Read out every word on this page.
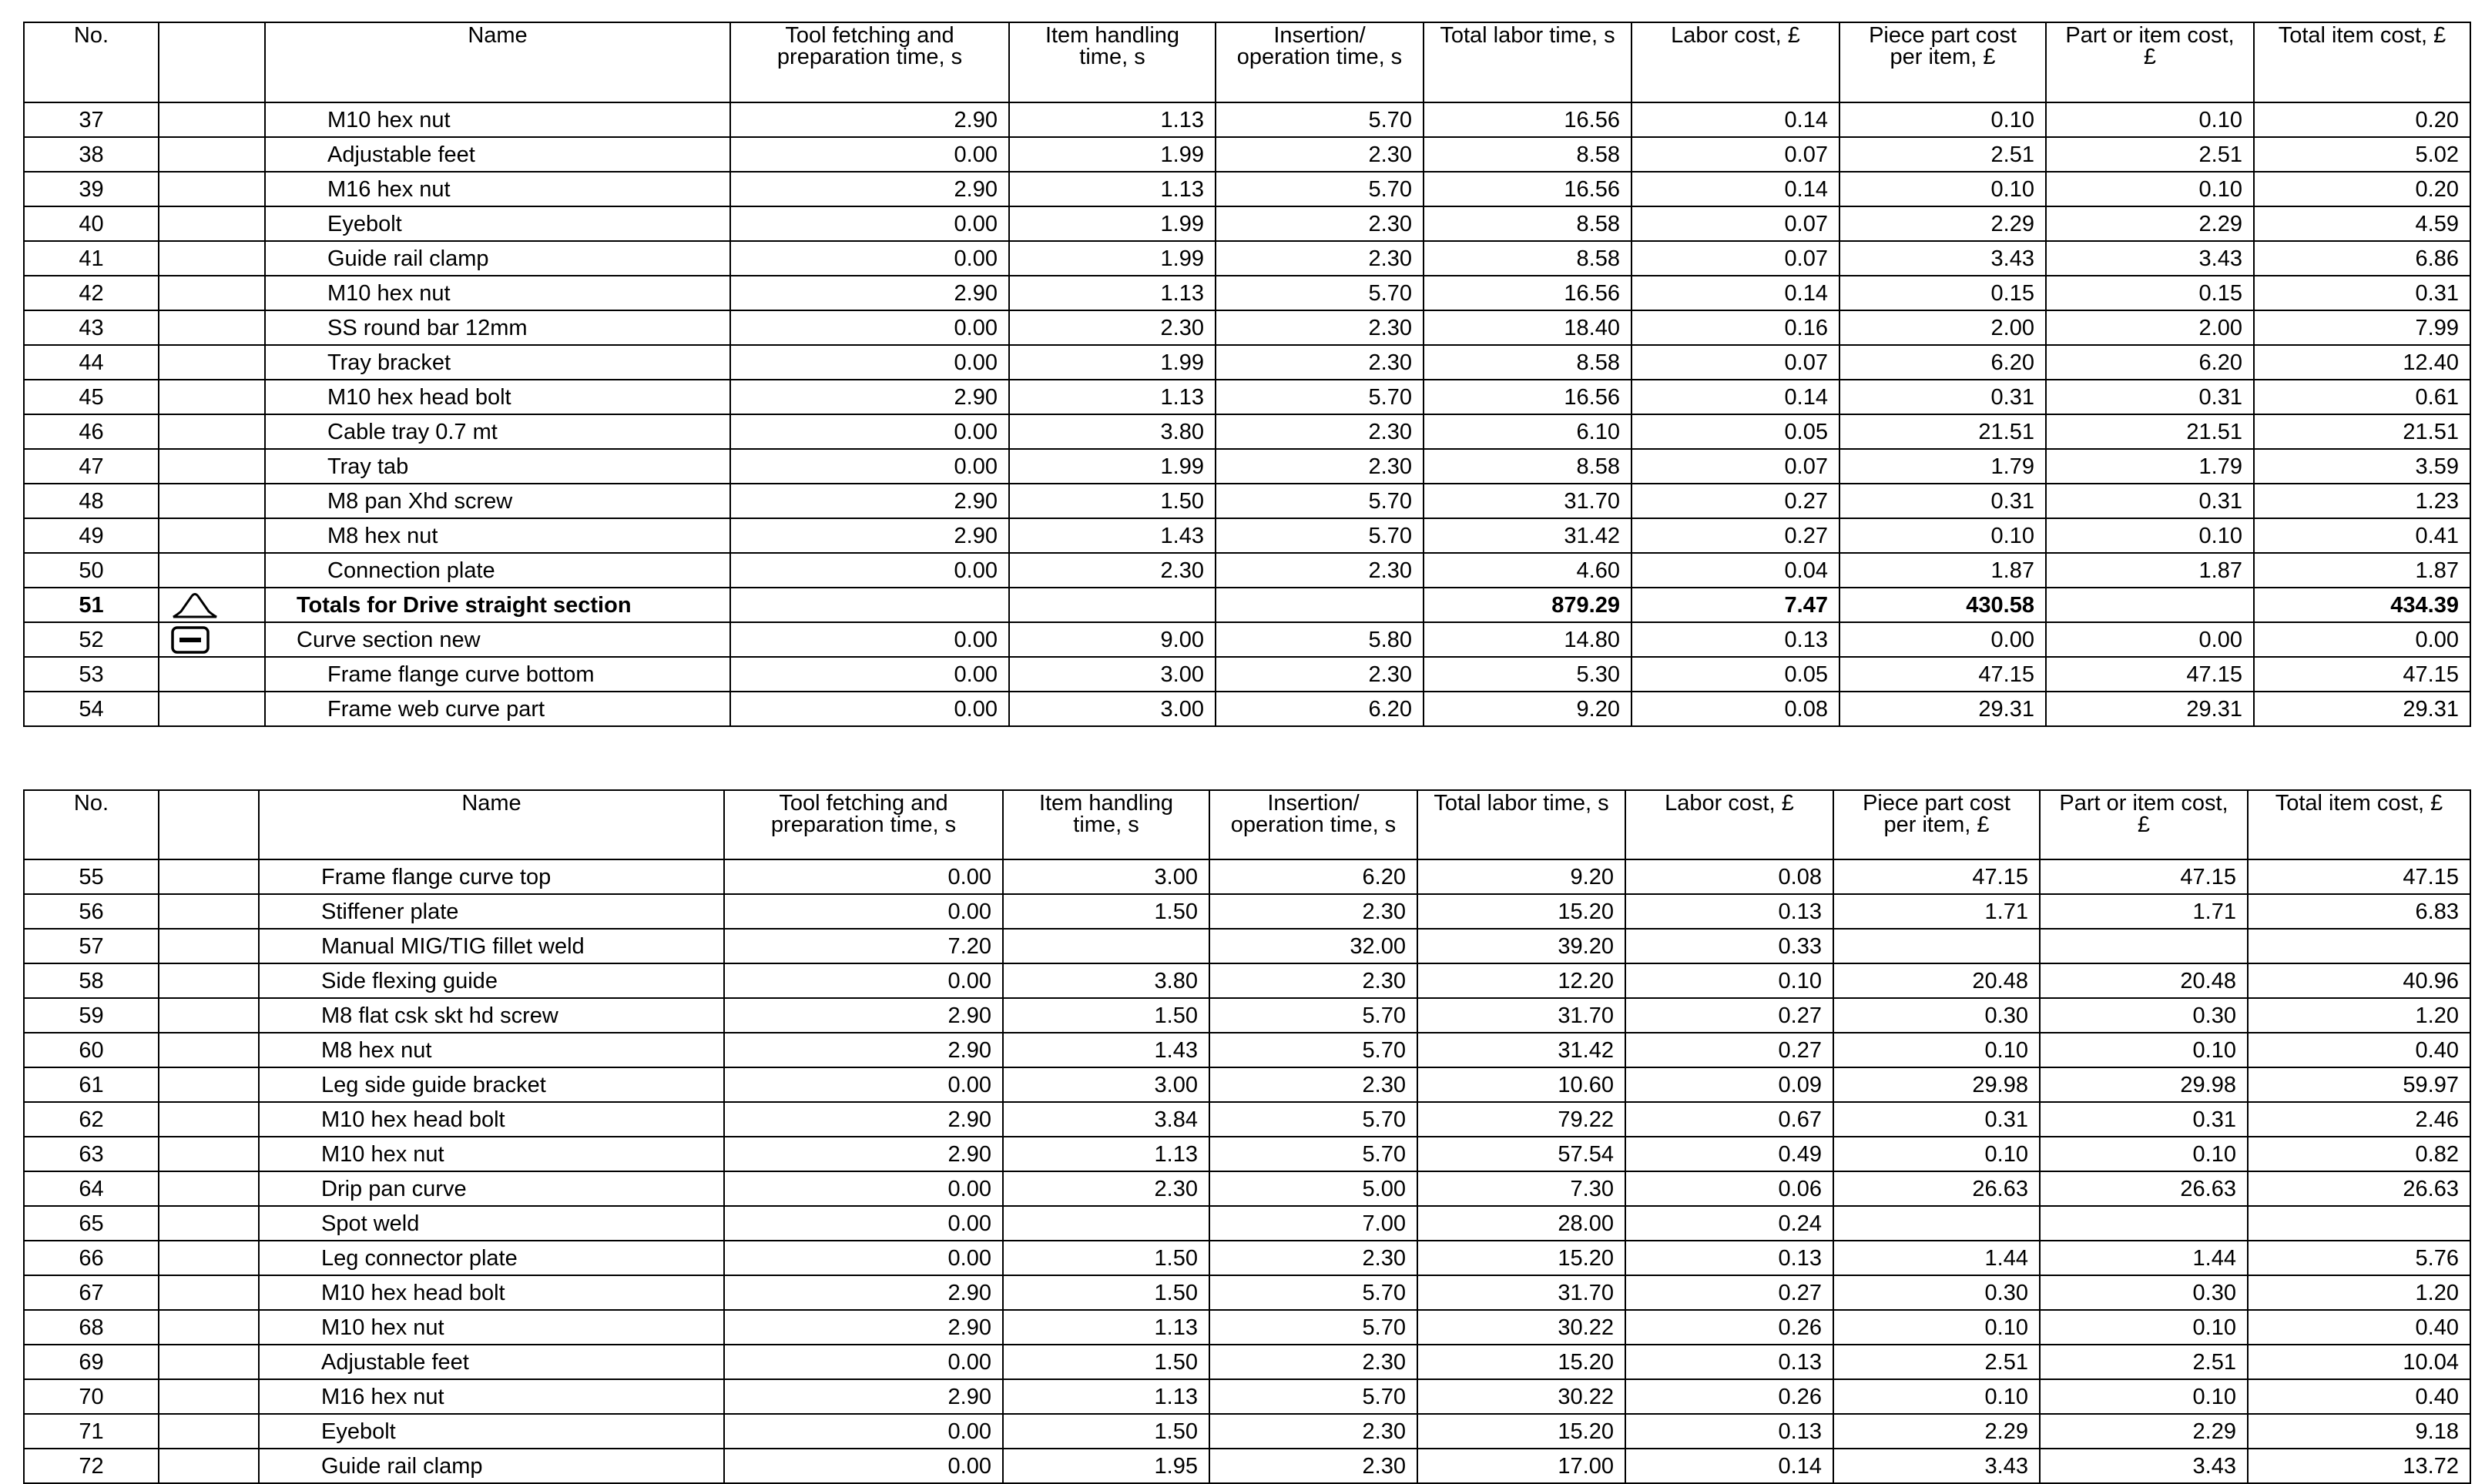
No.		Name	Tool fetching and preparation time, s	Item handling time, s	Insertion/ operation time, s	Total labor time, s	Labor cost, £	Piece part cost per item, £	Part or item cost, £	Total item cost, £
37		M10 hex nut	2.90	1.13	5.70	16.56	0.14	0.10	0.10	0.20
38		Adjustable feet	0.00	1.99	2.30	8.58	0.07	2.51	2.51	5.02
39		M16 hex nut	2.90	1.13	5.70	16.56	0.14	0.10	0.10	0.20
40		Eyebolt	0.00	1.99	2.30	8.58	0.07	2.29	2.29	4.59
41		Guide rail clamp	0.00	1.99	2.30	8.58	0.07	3.43	3.43	6.86
42		M10 hex nut	2.90	1.13	5.70	16.56	0.14	0.15	0.15	0.31
43		SS round bar 12mm	0.00	2.30	2.30	18.40	0.16	2.00	2.00	7.99
44		Tray bracket	0.00	1.99	2.30	8.58	0.07	6.20	6.20	12.40
45		M10 hex head bolt	2.90	1.13	5.70	16.56	0.14	0.31	0.31	0.61
46		Cable tray 0.7 mt	0.00	3.80	2.30	6.10	0.05	21.51	21.51	21.51
47		Tray tab	0.00	1.99	2.30	8.58	0.07	1.79	1.79	3.59
48		M8 pan Xhd screw	2.90	1.50	5.70	31.70	0.27	0.31	0.31	1.23
49		M8 hex nut	2.90	1.43	5.70	31.42	0.27	0.10	0.10	0.41
50		Connection plate	0.00	2.30	2.30	4.60	0.04	1.87	1.87	1.87
51		Totals for Drive straight section				879.29	7.47	430.58		434.39
52		Curve section new	0.00	9.00	5.80	14.80	0.13	0.00	0.00	0.00
53		Frame flange curve bottom	0.00	3.00	2.30	5.30	0.05	47.15	47.15	47.15
54		Frame web curve part	0.00	3.00	6.20	9.20	0.08	29.31	29.31	29.31
No.		Name	Tool fetching and preparation time, s	Item handling time, s	Insertion/ operation time, s	Total labor time, s	Labor cost, £	Piece part cost per item, £	Part or item cost, £	Total item cost, £
55		Frame flange curve top	0.00	3.00	6.20	9.20	0.08	47.15	47.15	47.15
56		Stiffener plate	0.00	1.50	2.30	15.20	0.13	1.71	1.71	6.83
57		Manual MIG/TIG fillet weld	7.20		32.00	39.20	0.33			
58		Side flexing guide	0.00	3.80	2.30	12.20	0.10	20.48	20.48	40.96
59		M8 flat csk skt hd screw	2.90	1.50	5.70	31.70	0.27	0.30	0.30	1.20
60		M8 hex nut	2.90	1.43	5.70	31.42	0.27	0.10	0.10	0.40
61		Leg side guide bracket	0.00	3.00	2.30	10.60	0.09	29.98	29.98	59.97
62		M10 hex head bolt	2.90	3.84	5.70	79.22	0.67	0.31	0.31	2.46
63		M10 hex nut	2.90	1.13	5.70	57.54	0.49	0.10	0.10	0.82
64		Drip pan curve	0.00	2.30	5.00	7.30	0.06	26.63	26.63	26.63
65		Spot weld	0.00		7.00	28.00	0.24			
66		Leg connector plate	0.00	1.50	2.30	15.20	0.13	1.44	1.44	5.76
67		M10 hex head bolt	2.90	1.50	5.70	31.70	0.27	0.30	0.30	1.20
68		M10 hex nut	2.90	1.13	5.70	30.22	0.26	0.10	0.10	0.40
69		Adjustable feet	0.00	1.50	2.30	15.20	0.13	2.51	2.51	10.04
70		M16 hex nut	2.90	1.13	5.70	30.22	0.26	0.10	0.10	0.40
71		Eyebolt	0.00	1.50	2.30	15.20	0.13	2.29	2.29	9.18
72		Guide rail clamp	0.00	1.95	2.30	17.00	0.14	3.43	3.43	13.72
